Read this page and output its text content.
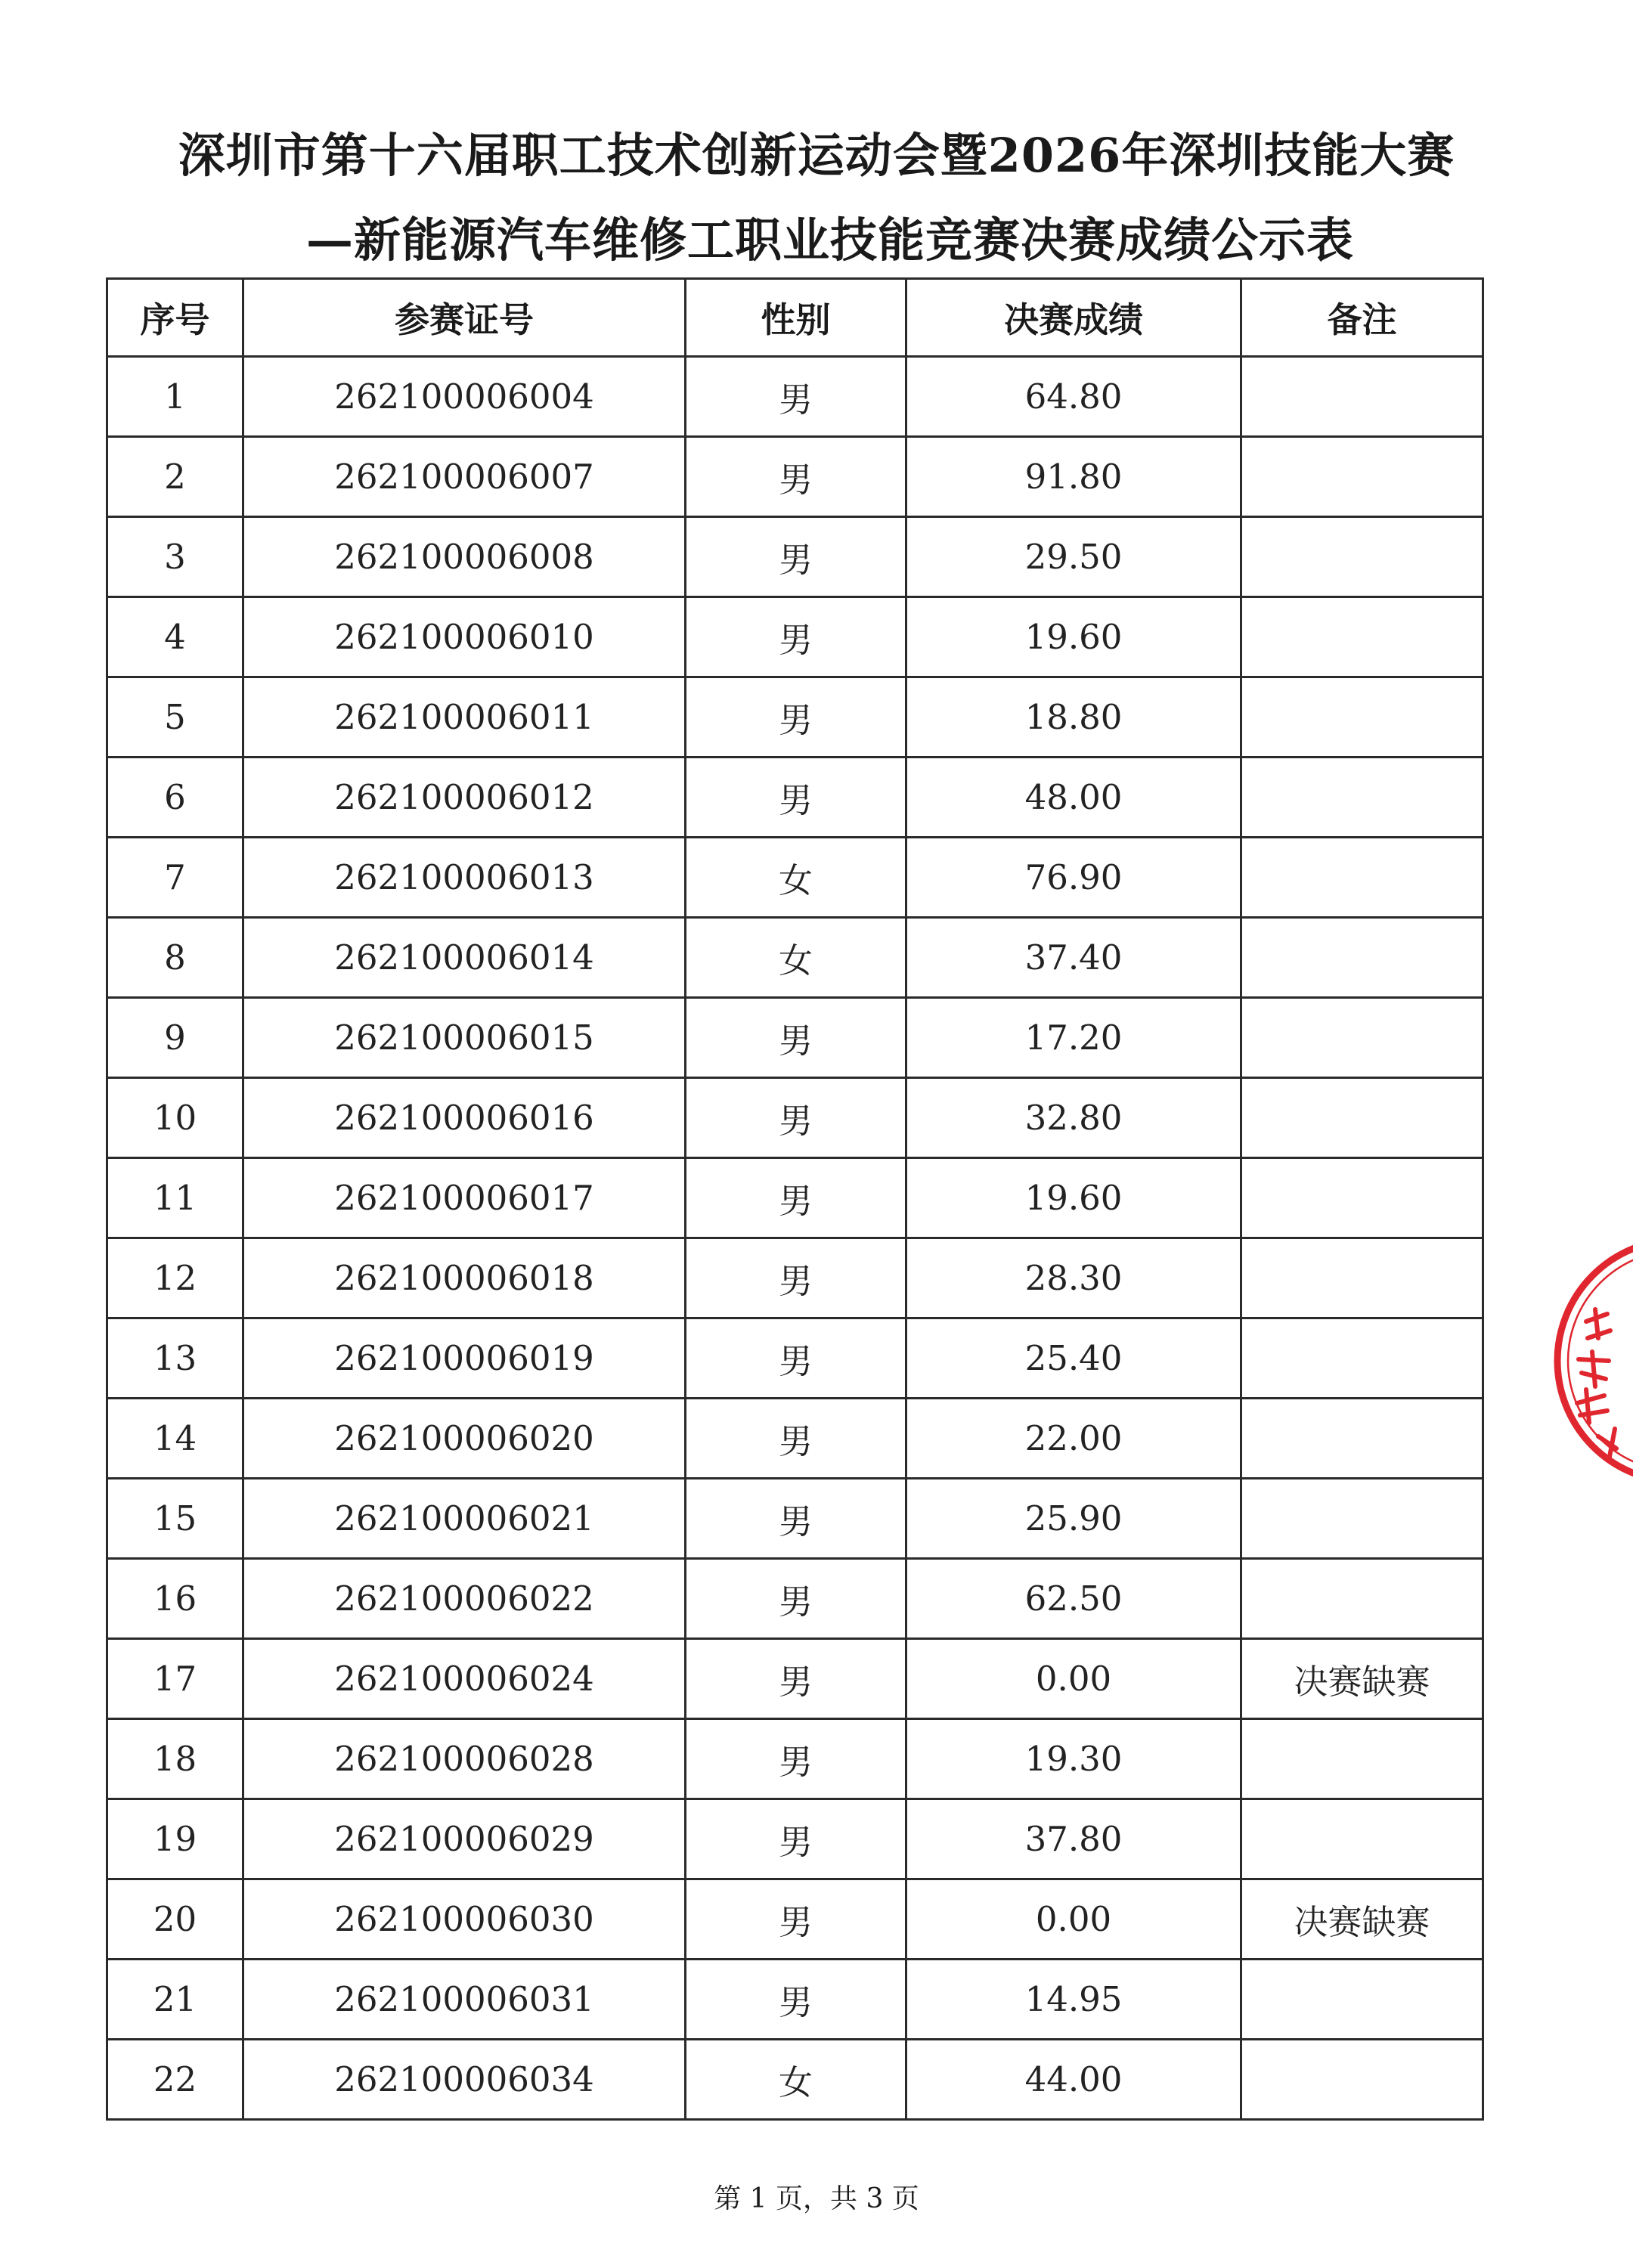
深圳市第十六届职工技术创新运动会暨2026年深圳技能大赛
—新能源汽车维修工职业技能竞赛决赛成绩公示表
序号	参赛证号	性别	决赛成绩	备注
1	262100006004	男	64.80	
2	262100006007	男	91.80	
3	262100006008	男	29.50	
4	262100006010	男	19.60	
5	262100006011	男	18.80	
6	262100006012	男	48.00	
7	262100006013	女	76.90	
8	262100006014	女	37.40	
9	262100006015	男	17.20	
10	262100006016	男	32.80	
11	262100006017	男	19.60	
12	262100006018	男	28.30	
13	262100006019	男	25.40	
14	262100006020	男	22.00	
15	262100006021	男	25.90	
16	262100006022	男	62.50	
17	262100006024	男	0.00	决赛缺赛
18	262100006028	男	19.30	
19	262100006029	男	37.80	
20	262100006030	男	0.00	决赛缺赛
21	262100006031	男	14.95	
22	262100006034	女	44.00	
第 1 页，共 3 页
